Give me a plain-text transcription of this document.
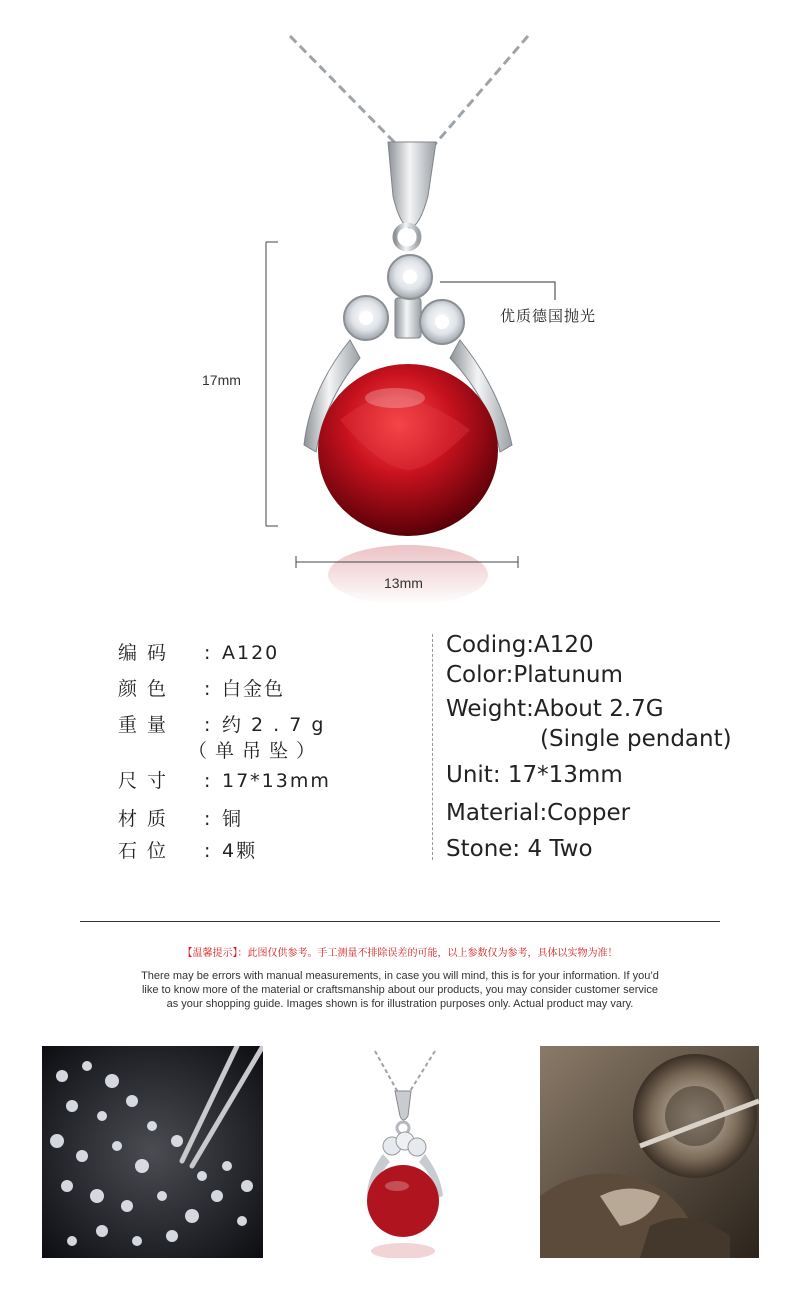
17mm
13mm
优质德国抛光
编码 : A120
颜色 : 白金色
重量 : 约 2 . 7 g
（单吊坠）
尺寸 : 17*13mm
材质 : 铜
石位 : 4颗
Coding:A120
Color:Platunum
Weight:About 2.7G
(Single pendant)
Unit: 17*13mm
Material:Copper
Stone: 4 Two
【温馨提示】：此图仅供参考。手工测量不排除误差的可能，以上参数仅为参考，具体以实物为准！
There may be errors with manual measurements, in case you will mind, this is for your information. If you’d
like to know more of the material or craftsmanship about our products, you may consider customer service
as your shopping guide. Images shown is for illustration purposes only. Actual product may vary.
